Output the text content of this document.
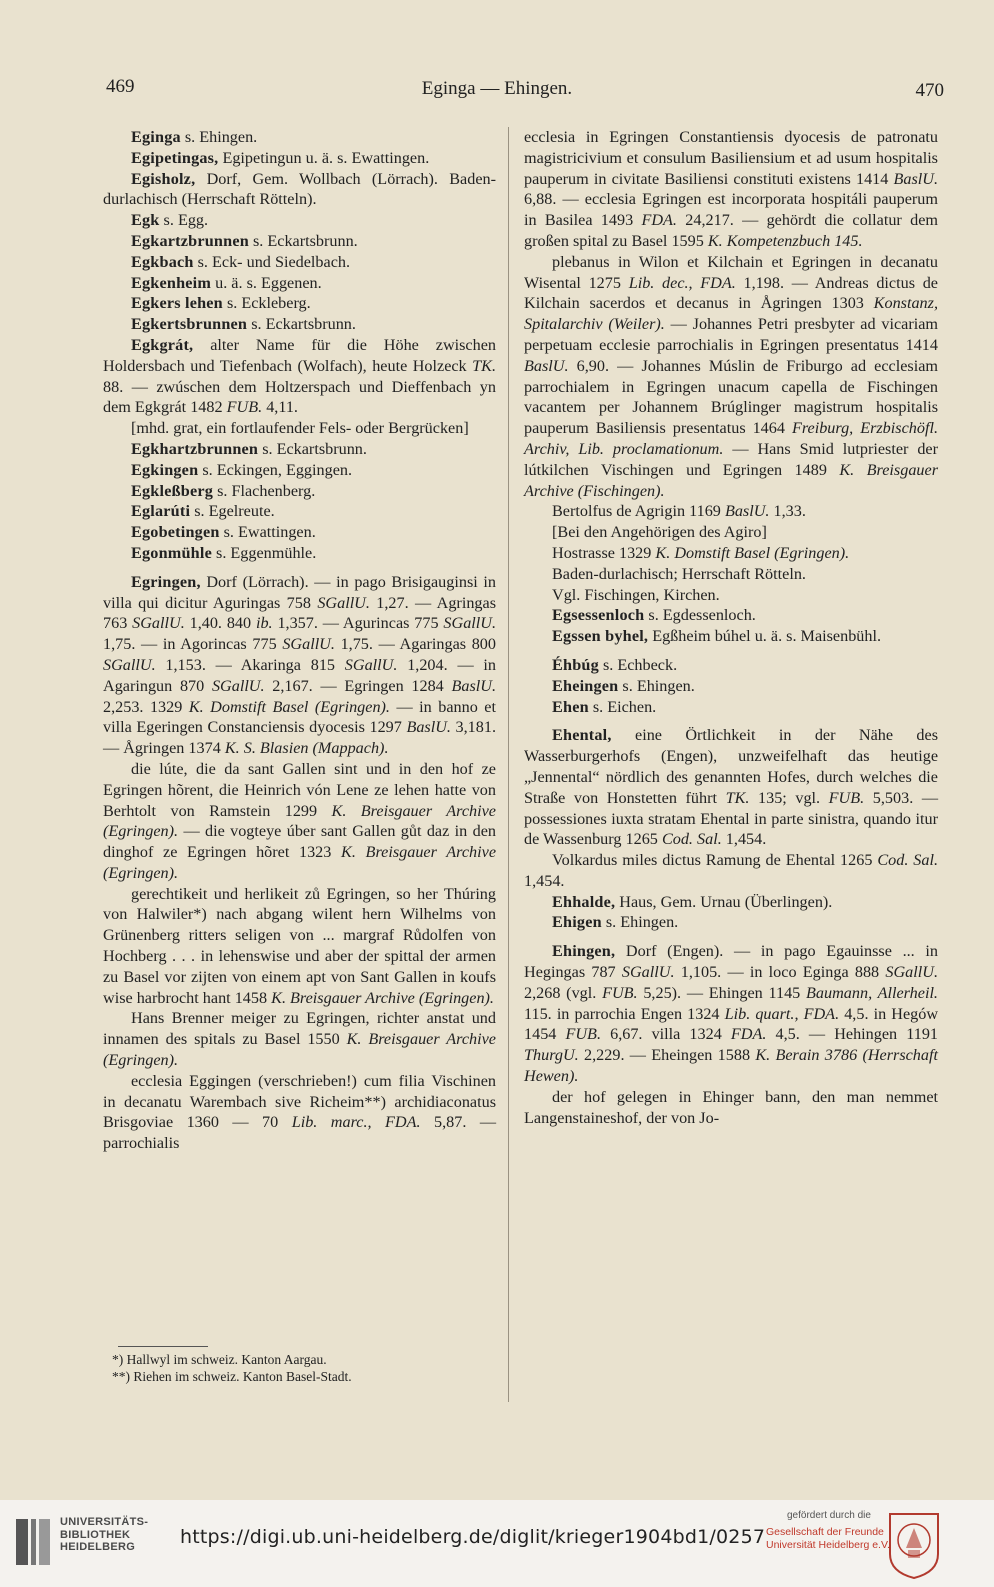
469	Eginga — Ehingen.	470

Eginga s. Ehingen.

Egipetingas, Egipetingun u. ä. s. Ewattingen.

Egisholz, Dorf, Gem. Wollbach (Lörrach). Baden-durlachisch (Herrschaft Rötteln).

Egk s. Egg.

Egkartzbrunnen s. Eckartsbrunn.

Egkbach s. Eck- und Siedelbach.

Egkenheim u. ä. s. Eggenen.

Egkers lehen s. Eckleberg.

Egkertsbrunnen s. Eckartsbrunn.

Egkgrát, alter Name für die Höhe zwischen Holdersbach und Tiefenbach (Wolfach), heute Holzeck TK. 88. — zwúschen dem Holtzerspach und Dieffenbach yn dem Egkgrát 1482 FUB. 4,11.

[mhd. grat, ein fortlaufender Fels- oder Bergrücken]

Egkhartzbrunnen s. Eckartsbrunn.

Egkingen s. Eckingen, Eggingen.

Egkleßberg s. Flachenberg.

Eglarúti s. Egelreute.

Egobetingen s. Ewattingen.

Egonmühle s. Eggenmühle.

Egringen, Dorf (Lörrach). — in pago Brisigauginsi in villa qui dicitur Aguringas 758 SGallU. 1,27. — Agringas 763 SGallU. 1,40. 840 ib. 1,357. — Agurincas 775 SGallU. 1,75. — in Agorincas 775 SGallU. 1,75. — Agaringas 800 SGallU. 1,153. — Akaringa 815 SGallU. 1,204. — in Agaringun 870 SGallU. 2,167. — Egringen 1284 BaslU. 2,253. 1329 K. Domstift Basel (Egringen). — in banno et villa Egeringen Constanciensis dyocesis 1297 BaslU. 3,181. — Ågringen 1374 K. S. Blasien (Mappach).

die lúte, die da sant Gallen sint und in den hof ze Egringen hõrent, die Heinrich vón Lene ze lehen hatte von Berhtolt von Ramstein 1299 K. Breisgauer Archive (Egringen). — die vogteye úber sant Gallen gůt daz in den dinghof ze Egringen hõret 1323 K. Breisgauer Archive (Egringen).

gerechtikeit und herlikeit zů Egringen, so her Thúring von Halwiler*) nach abgang wilent hern Wilhelms von Grünenberg ritters seligen von ... margraf Růdolfen von Hochberg . . . in lehenswise und aber der spittal der armen zu Basel vor zijten von einem apt von Sant Gallen in koufs wise harbrocht hant 1458 K. Breisgauer Archive (Egringen).

Hans Brenner meiger zu Egringen, richter anstat und innamen des spitals zu Basel 1550 K. Breisgauer Archive (Egringen).

ecclesia Eggingen (verschrieben!) cum filia Vischinen in decanatu Warembach sive Richeim**) archidiaconatus Brisgoviae 1360 — 70 Lib. marc., FDA. 5,87. — parrochialis

ecclesia in Egringen Constantiensis dyocesis de patronatu magistricivium et consulum Basiliensium et ad usum hospitalis pauperum in civitate Basiliensi constituti existens 1414 BaslU. 6,88. — ecclesia Egringen est incorporata hospitáli pauperum in Basilea 1493 FDA. 24,217. — gehördt die collatur dem großen spital zu Basel 1595 K. Kompetenzbuch 145.

plebanus in Wilon et Kilchain et Egringen in decanatu Wisental 1275 Lib. dec., FDA. 1,198. — Andreas dictus de Kilchain sacerdos et decanus in Ågringen 1303 Konstanz, Spitalarchiv (Weiler). — Johannes Petri presbyter ad vicariam perpetuam ecclesie parrochialis in Egringen presentatus 1414 BaslU. 6,90. — Johannes Múslin de Friburgo ad ecclesiam parrochialem in Egringen unacum capella de Fischingen vacantem per Johannem Brúglinger magistrum hospitalis pauperum Basiliensis presentatus 1464 Freiburg, Erzbischöfl. Archiv, Lib. proclamationum. — Hans Smid lutpriester der lútkilchen Vischingen und Egringen 1489 K. Breisgauer Archive (Fischingen).

Bertolfus de Agrigin 1169 BaslU. 1,33.

[Bei den Angehörigen des Agiro]

Hostrasse 1329 K. Domstift Basel (Egringen).

Baden-durlachisch; Herrschaft Rötteln.

Vgl. Fischingen, Kirchen.

Egsessenloch s. Egdessenloch.

Egssen byhel, Egßheim búhel u. ä. s. Maisenbühl.

Éhbúg s. Echbeck.

Eheingen s. Ehingen.

Ehen s. Eichen.

Ehental, eine Örtlichkeit in der Nähe des Wasserburgerhofs (Engen), unzweifelhaft das heutige „Jennental“ nördlich des genannten Hofes, durch welches die Straße von Honstetten führt TK. 135; vgl. FUB. 5,503. — possessiones iuxta stratam Ehental in parte sinistra, quando itur de Wassenburg 1265 Cod. Sal. 1,454.

Volkardus miles dictus Ramung de Ehental 1265 Cod. Sal. 1,454.

Ehhalde, Haus, Gem. Urnau (Überlingen).

Ehigen s. Ehingen.

Ehingen, Dorf (Engen). — in pago Egauinsse ... in Hegingas 787 SGallU. 1,105. — in loco Eginga 888 SGallU. 2,268 (vgl. FUB. 5,25). — Ehingen 1145 Baumann, Allerheil. 115. in parrochia Engen 1324 Lib. quart., FDA. 4,5. in Hegów 1454 FUB. 6,67. villa 1324 FDA. 4,5. — Hehingen 1191 ThurgU. 2,229. — Eheingen 1588 K. Berain 3786 (Herrschaft Hewen).

der hof gelegen in Ehinger bann, den man nemmet Langenstaineshof, der von Jo-

*) Hallwyl im schweiz. Kanton Aargau.

**) Riehen im schweiz. Kanton Basel-Stadt.

UNIVERSITÄTS-
BIBLIOTHEK
HEIDELBERG	https://digi.ub.uni-heidelberg.de/diglit/krieger1904bd1/0257
gefördert durch die
Gesellschaft der Freunde
Universität Heidelberg e.V.
